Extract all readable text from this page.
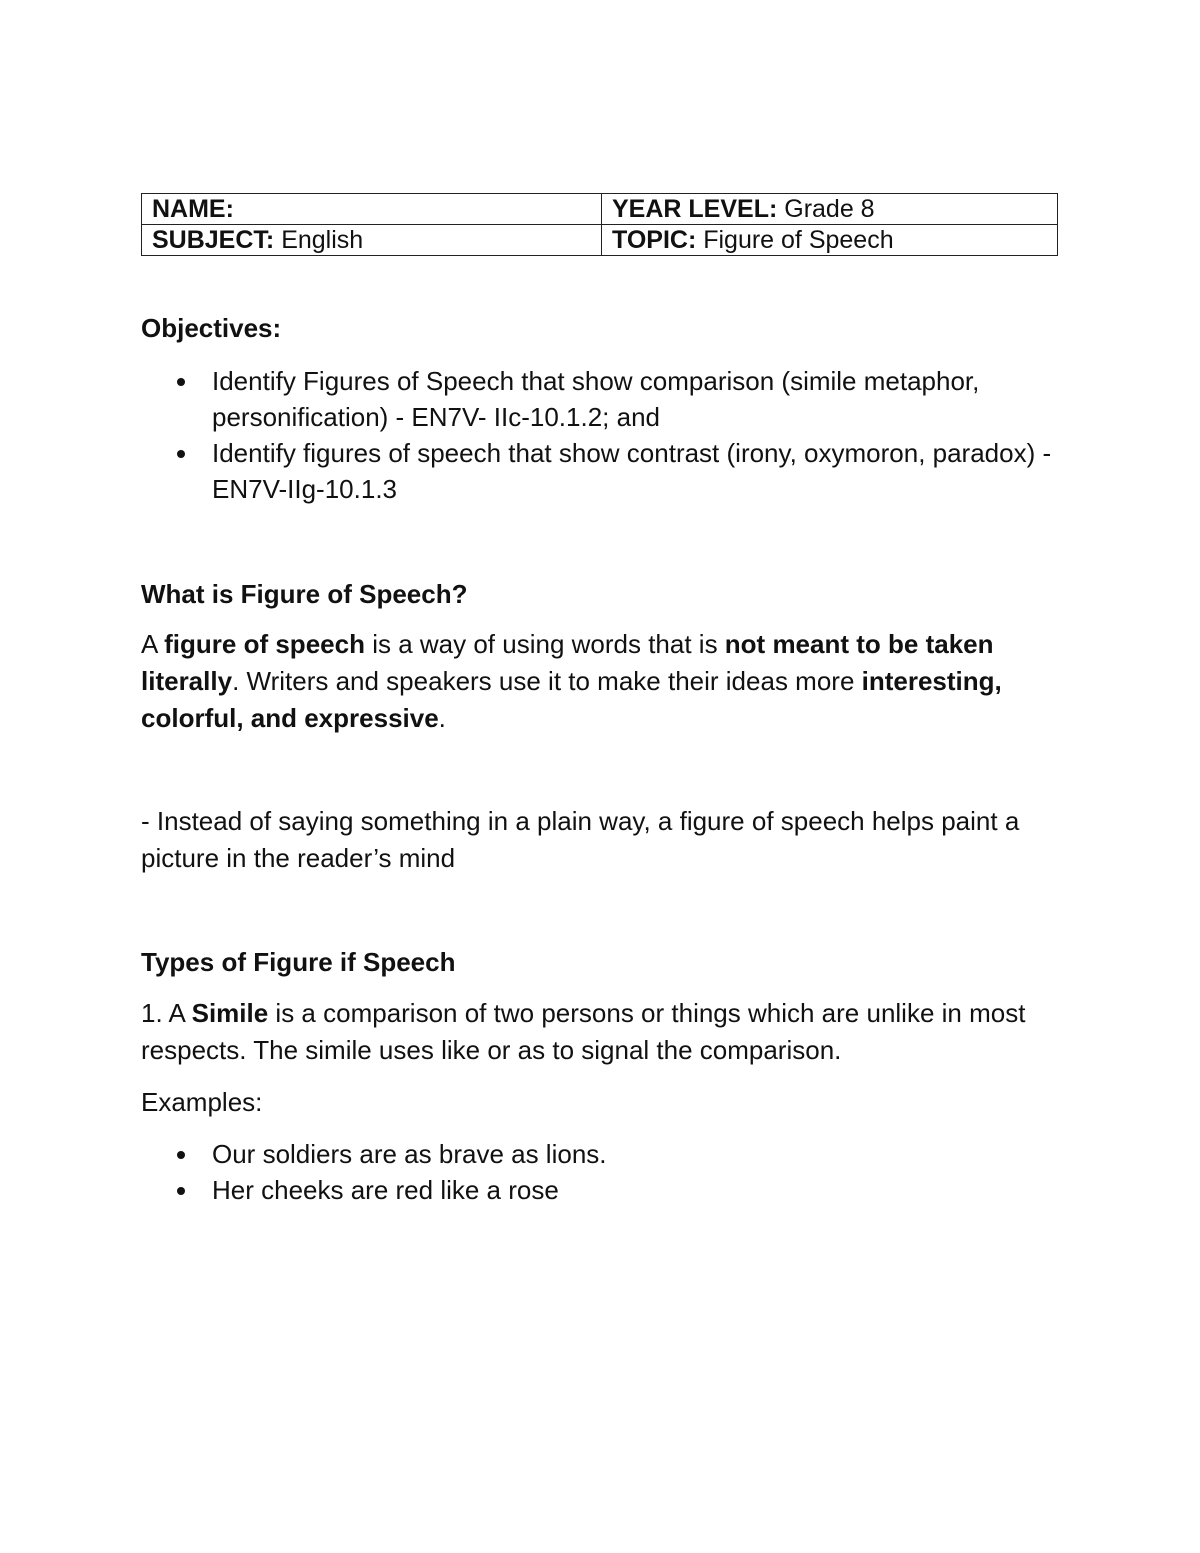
NAME:	YEAR LEVEL: Grade 8
SUBJECT: English	TOPIC: Figure of Speech
Objectives:
Identify Figures of Speech that show comparison (simile metaphor, personification) - EN7V- IIc-10.1.2; and
Identify figures of speech that show contrast (irony, oxymoron, paradox) - EN7V-IIg-10.1.3
What is Figure of Speech?
A figure of speech is a way of using words that is not meant to be taken literally. Writers and speakers use it to make their ideas more interesting, colorful, and expressive.
- Instead of saying something in a plain way, a figure of speech helps paint a picture in the reader’s mind
Types of Figure if Speech
1. A Simile is a comparison of two persons or things which are unlike in most respects. The simile uses like or as to signal the comparison.
Examples:
Our soldiers are as brave as lions.
Her cheeks are red like a rose
